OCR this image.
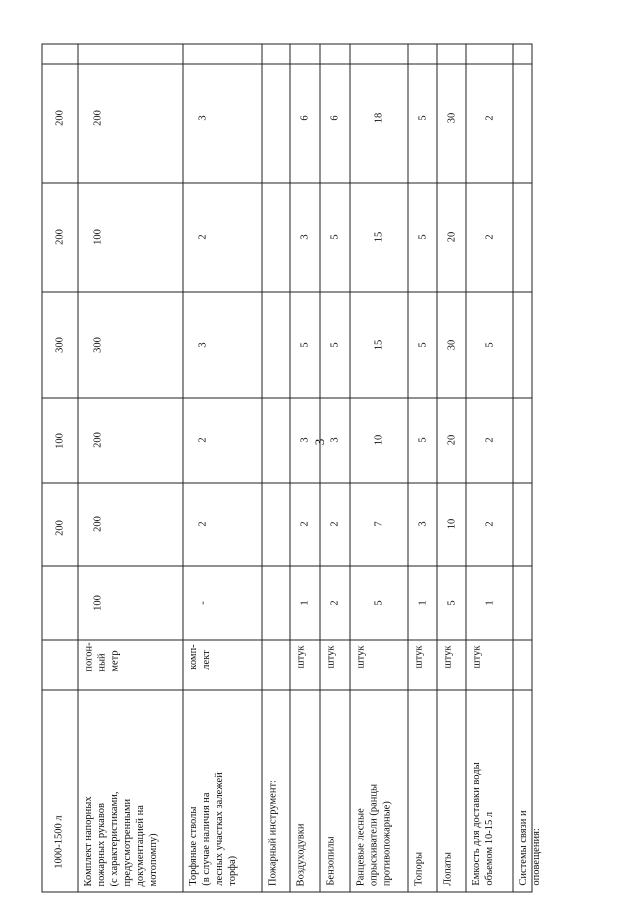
3
1000-1500 л
200
100
300
200
200
Комплект напорных пожарных рукавов (с характеристиками, предусмотренными документацией на мотопомпу)
погон- ный метр
100
200
200
300
100
200
Торфяные стволы (в случае наличия на лесных участках залежей торфа)
комп- лект
-
2
2
3
2
3
Пожарный инструмент: Воздуходувки
штук
1
2
3
5
3
6
Бензопилы
штук
2
2
3
5
5
6
Ранцевые лесные опрыскиватели (ранцы противопожарные)
штук
5
7
10
15
15
18
Топоры
штук
1
3
5
5
5
5
Лопаты
штук
5
10
20
30
20
30
Емкость для доставки воды объемом 10-15 л
штук
1
2
2
5
2
2
Системы связи и оповещения:
